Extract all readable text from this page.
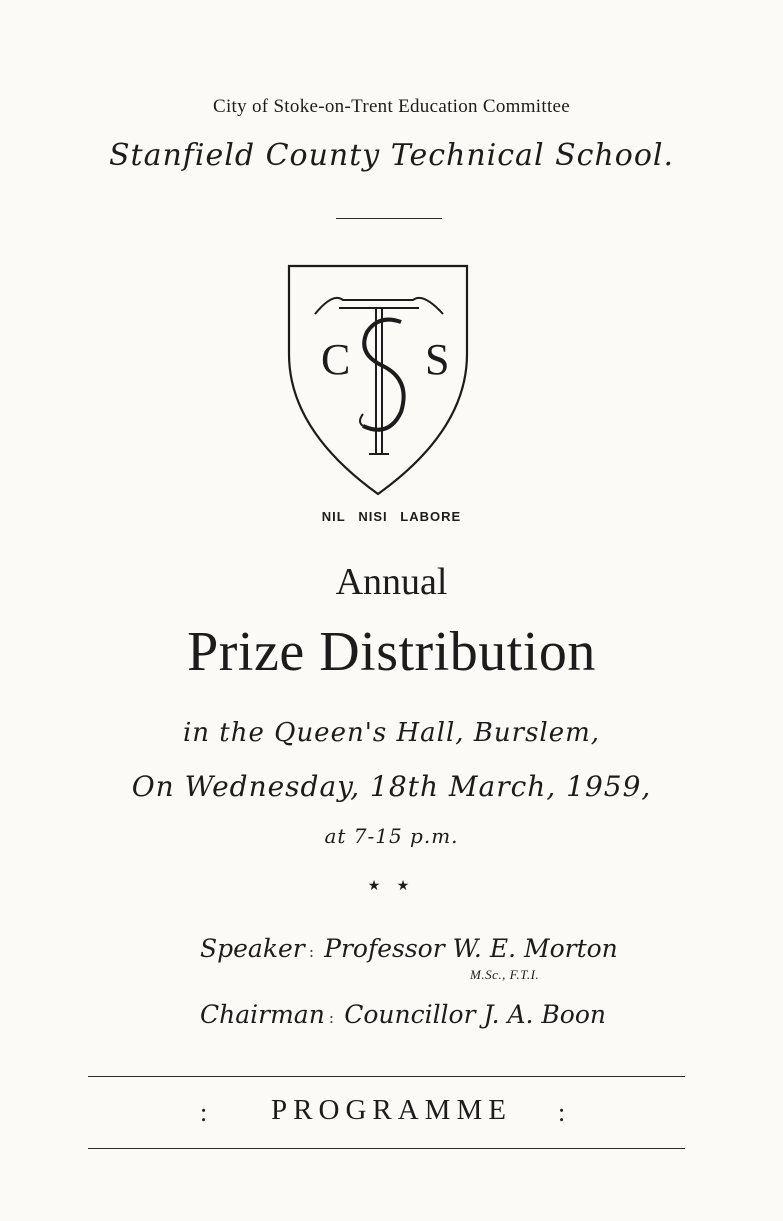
City of Stoke-on-Trent Education Committee
Stanfield County Technical School.
C S
NIL NISI LABORE
Annual
Prize Distribution
in the Queen's Hall, Burslem,
On Wednesday, 18th March, 1959,
at 7-15 p.m.
★ ★
Speaker : Professor W. E. Morton
M.Sc., F.T.I.
Chairman : Councillor J. A. Boon
:	PROGRAMME	:
